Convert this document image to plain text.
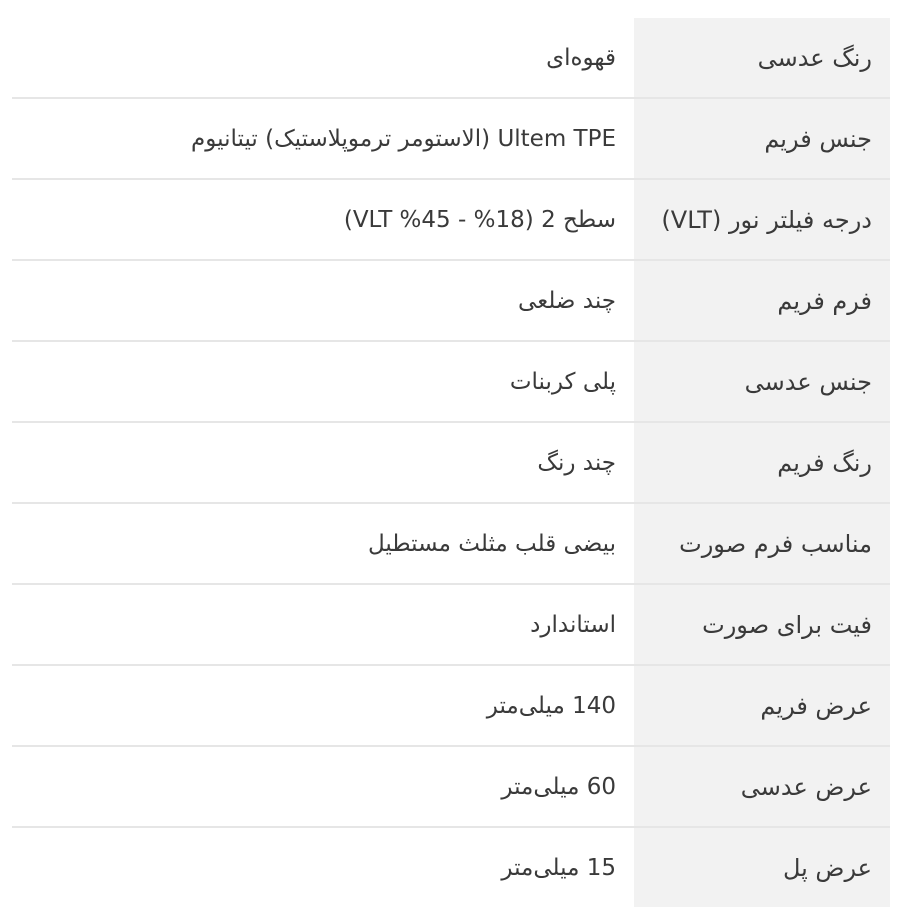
رنگ عدسی
قهوه‌ای
جنس فریم
Ultem TPE (الاستومر ترموپلاستیک) تیتانیوم
درجه فیلتر نور (VLT)
سطح 2 (18% - 45% VLT)
فرم فریم
چند ضلعی
جنس عدسی
پلی کربنات
رنگ فریم
چند رنگ
مناسب فرم صورت
بیضی قلب مثلث مستطیل
فیت برای صورت
استاندارد
عرض فریم
140 میلی‌متر
عرض عدسی
60 میلی‌متر
عرض پل
15 میلی‌متر
